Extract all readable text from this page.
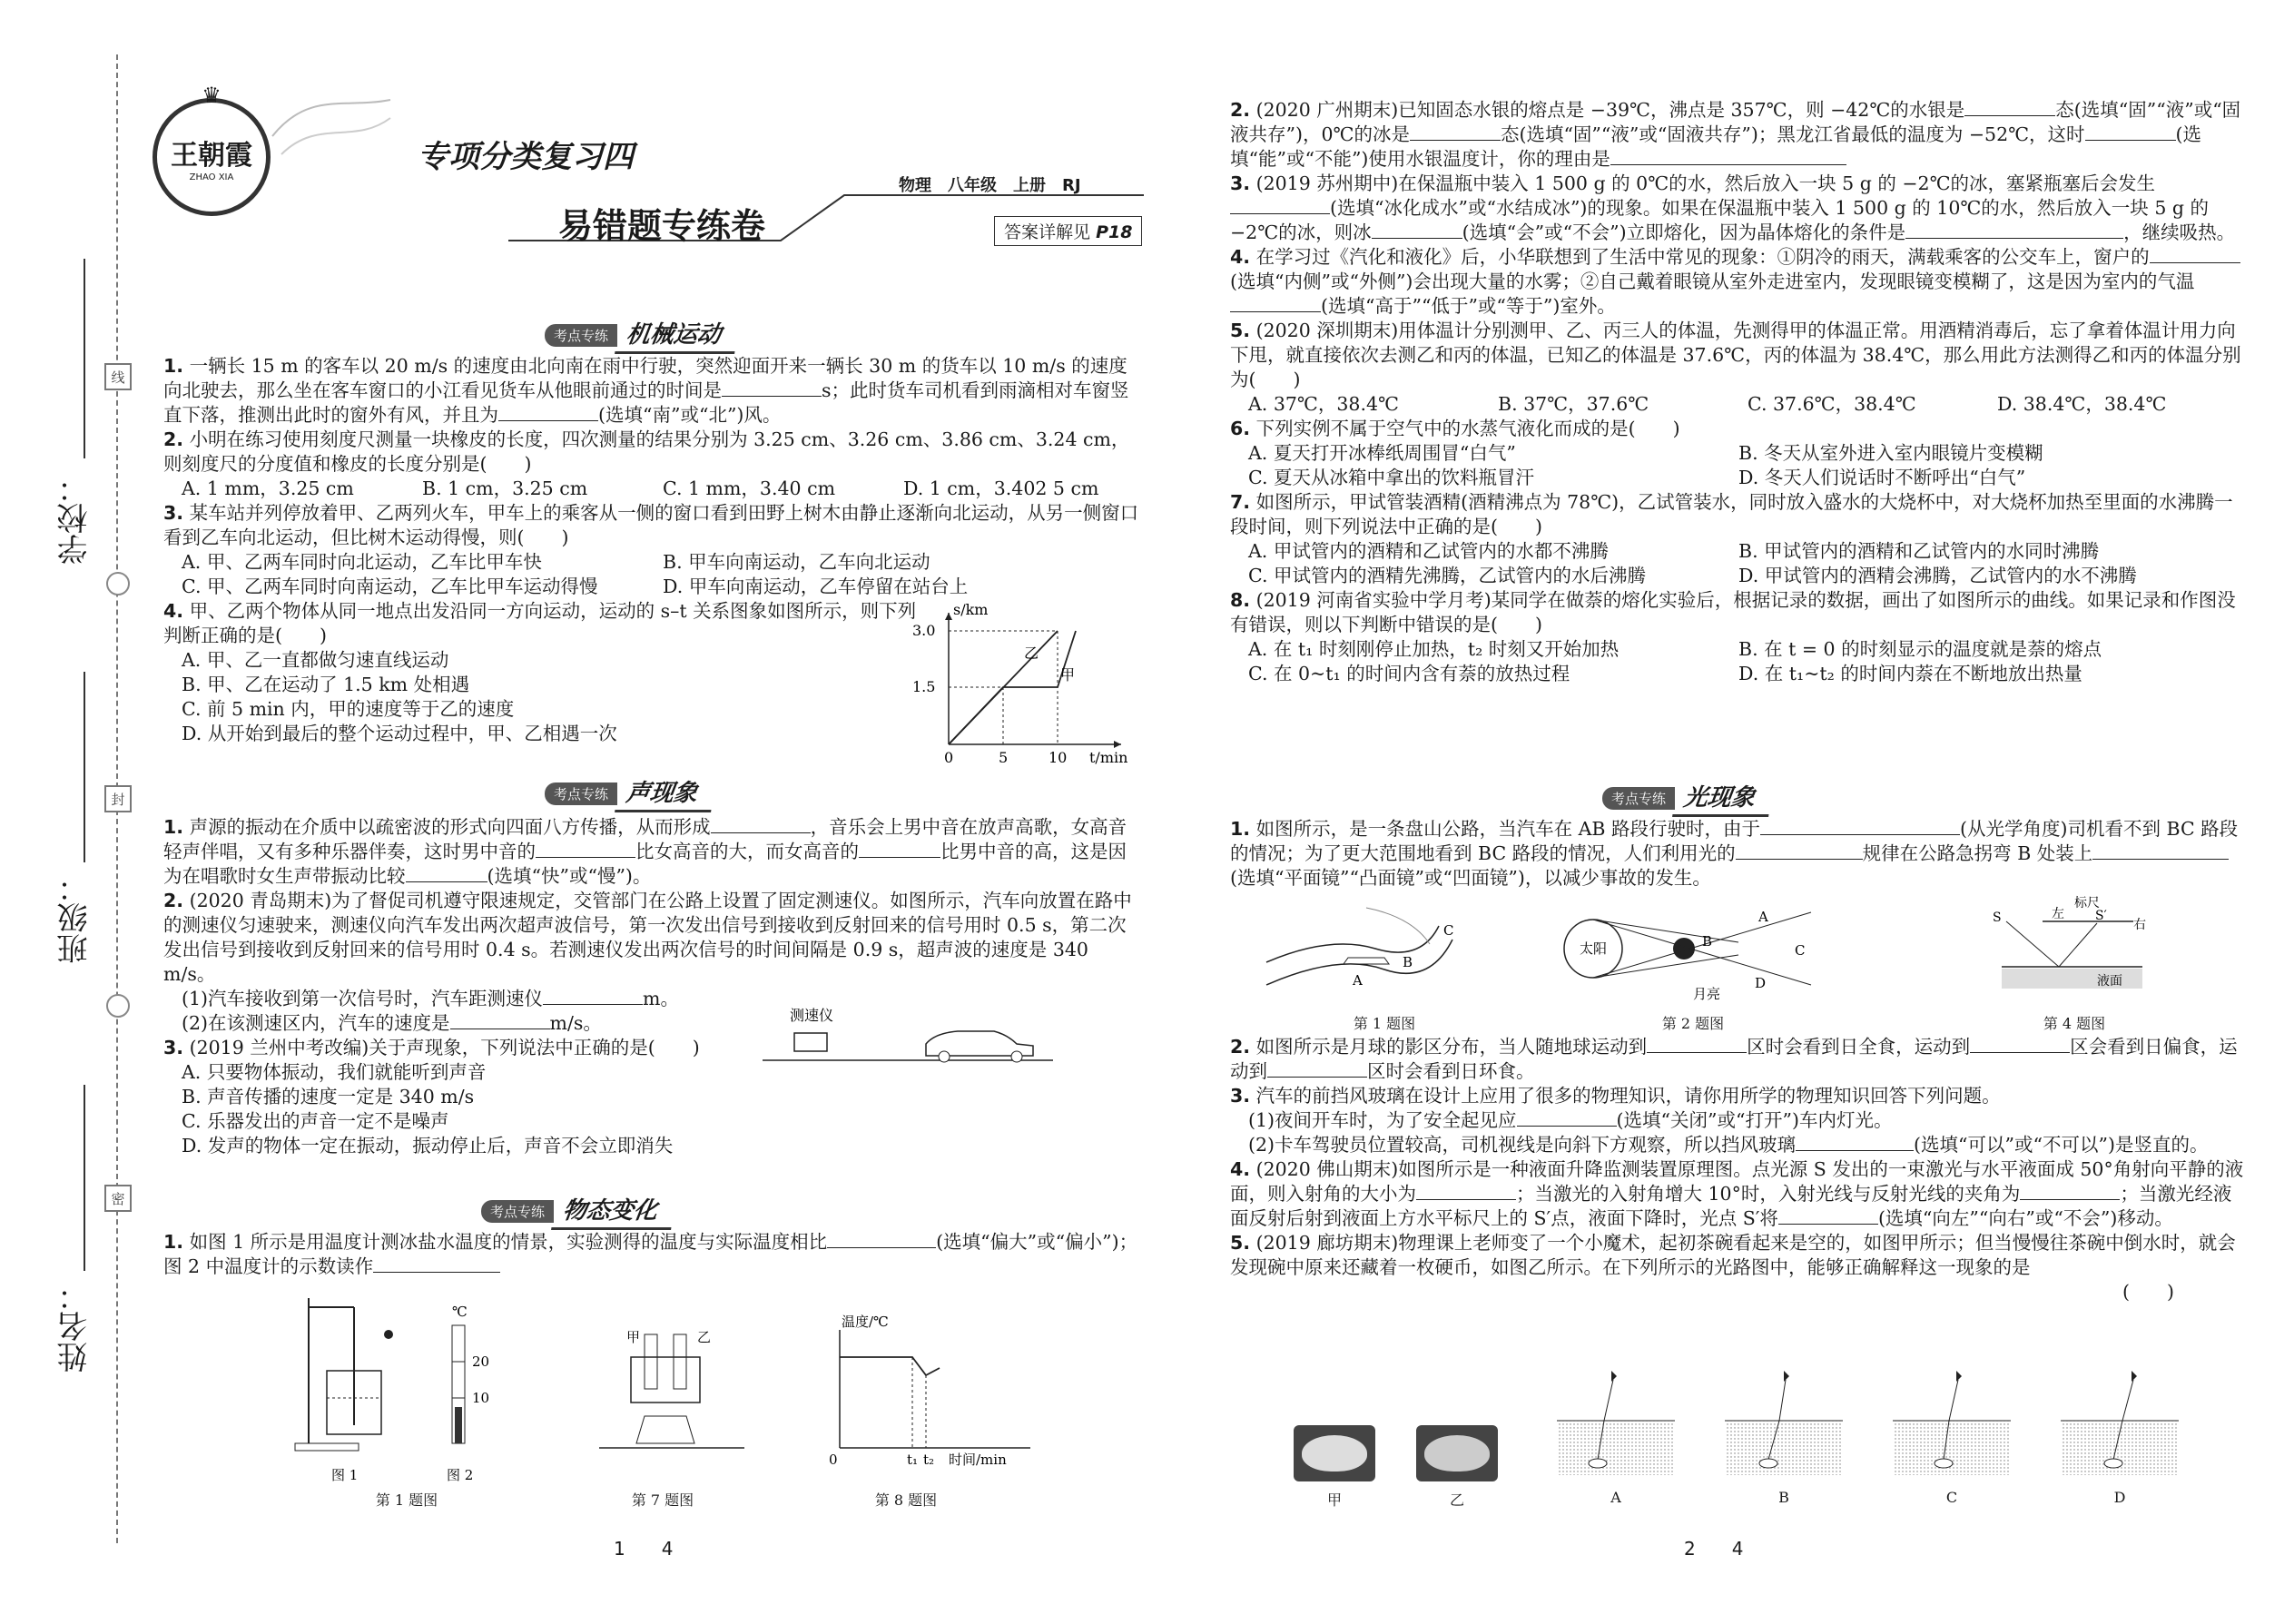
线
封
密
学校：
班级：
姓名：
♛
王朝霞
ZHAO XIA
专项分类复习四
物理　八年级　上册　RJ
易错题专练卷	答案详解见 P18
考点专练 机械运动

1. 一辆长 15 m 的客车以 20 m/s 的速度由北向南在雨中行驶，突然迎面开来一辆长 30 m 的货车以 10 m/s 的速度向北驶去，那么坐在客车窗口的小江看见货车从他眼前通过的时间是	s；此时货车司机看到雨滴相对车窗竖直下落，推测出此时的窗外有风，并且为	(选填“南”或“北”)风。

2. 小明在练习使用刻度尺测量一块橡皮的长度，四次测量的结果分别为 3.25 cm、3.26 cm、3.86 cm、3.24 cm，则刻度尺的分度值和橡皮的长度分别是(　　)

A. 1 mm，3.25 cm	B. 1 cm，3.25 cm	C. 1 mm，3.40 cm	D. 1 cm，3.402 5 cm

3. 某车站并列停放着甲、乙两列火车，甲车上的乘客从一侧的窗口看到田野上树木由静止逐渐向北运动，从另一侧窗口看到乙车向北运动，但比树木运动得慢，则(　　)

A. 甲、乙两车同时向北运动，乙车比甲车快	B. 甲车向南运动，乙车向北运动
C. 甲、乙两车同时向南运动，乙车比甲车运动得慢	D. 甲车向南运动，乙车停留在站台上

4. 甲、乙两个物体从同一地点出发沿同一方向运动，运动的 s–t 关系图象如图所示，则下列判断正确的是(　　)

A. 甲、乙一直都做匀速直线运动
B. 甲、乙在运动了 1.5 km 处相遇
C. 前 5 min 内，甲的速度等于乙的速度
D. 从开始到最后的整个运动过程中，甲、乙相遇一次
s/km
3.0
1.5
0	5	10 t/min
乙
甲
考点专练 声现象

1. 声源的振动在介质中以疏密波的形式向四面八方传播，从而形成	，音乐会上男中音在放声高歌，女高音轻声伴唱，又有多种乐器伴奏，这时男中音的	比女高音的大，而女高音的	比男中音的高，这是因为在唱歌时女生声带振动比较	(选填“快”或“慢”)。

2. (2020 青岛期末)为了督促司机遵守限速规定，交管部门在公路上设置了固定测速仪。如图所示，汽车向放置在路中的测速仪匀速驶来，测速仪向汽车发出两次超声波信号，第一次发出信号到接收到反射回来的信号用时 0.5 s，第二次发出信号到接收到反射回来的信号用时 0.4 s。若测速仪发出两次信号的时间间隔是 0.9 s，超声波的速度是 340 m/s。

(1)汽车接收到第一次信号时，汽车距测速仪	m。

(2)在该测速区内，汽车的速度是	m/s。

3. (2019 兰州中考改编)关于声现象，下列说法中正确的是(　　)

A. 只要物体振动，我们就能听到声音
B. 声音传播的速度一定是 340 m/s
C. 乐器发出的声音一定不是噪声
D. 发声的物体一定在振动，振动停止后，声音不会立即消失
测速仪
考点专练 物态变化

1. 如图 1 所示是用温度计测冰盐水温度的情景，实验测得的温度与实际温度相比	(选填“偏大”或“偏小”)；图 2 中温度计的示数读作

图 1
℃
20
10
图 2
第 1 题图
甲	乙
第 7 题图
温度/℃
0	t₁ t₂ 时间/min
第 8 题图
1　　4

2. (2020 广州期末)已知固态水银的熔点是 −39℃，沸点是 357℃，则 −42℃的水银是	态(选填“固”“液”或“固液共存”)，0℃的冰是	态(选填“固”“液”或“固液共存”)；黑龙江省最低的温度为 −52℃，这时	(选填“能”或“不能”)使用水银温度计，你的理由是

3. (2019 苏州期中)在保温瓶中装入 1 500 g 的 0℃的水，然后放入一块 5 g 的 −2℃的冰，塞紧瓶塞后会发生(选填“冰化成水”或“水结成冰”)的现象。如果在保温瓶中装入 1 500 g 的 10℃的水，然后放入一块 5 g 的 −2℃的冰，则冰	(选填“会”或“不会”)立即熔化，因为晶体熔化的条件是	，继续吸热。

4. 在学习过《汽化和液化》后，小华联想到了生活中常见的现象：①阴冷的雨天，满载乘客的公交车上，窗户的(选填“内侧”或“外侧”)会出现大量的水雾；②自己戴着眼镜从室外走进室内，发现眼镜变模糊了，这是因为室内的气温(选填“高于”“低于”或“等于”)室外。

5. (2020 深圳期末)用体温计分别测甲、乙、丙三人的体温，先测得甲的体温正常。用酒精消毒后，忘了拿着体温计用力向下甩，就直接依次去测乙和丙的体温，已知乙的体温是 37.6℃，丙的体温为 38.4℃，那么用此方法测得乙和丙的体温分别为(　　)

A. 37℃，38.4℃	B. 37℃，37.6℃	C. 37.6℃，38.4℃	D. 38.4℃，38.4℃

6. 下列实例不属于空气中的水蒸气液化而成的是(　　)

A. 夏天打开冰棒纸周围冒“白气”	B. 冬天从室外进入室内眼镜片变模糊
C. 夏天从冰箱中拿出的饮料瓶冒汗	D. 冬天人们说话时不断呼出“白气”

7. 如图所示，甲试管装酒精(酒精沸点为 78℃)，乙试管装水，同时放入盛水的大烧杯中，对大烧杯加热至里面的水沸腾一段时间，则下列说法中正确的是(　　)

A. 甲试管内的酒精和乙试管内的水都不沸腾	B. 甲试管内的酒精和乙试管内的水同时沸腾
C. 甲试管内的酒精先沸腾，乙试管内的水后沸腾	D. 甲试管内的酒精会沸腾，乙试管内的水不沸腾

8. (2019 河南省实验中学月考)某同学在做萘的熔化实验后，根据记录的数据，画出了如图所示的曲线。如果记录和作图没有错误，则以下判断中错误的是(　　)

A. 在 t₁ 时刻刚停止加热，t₂ 时刻又开始加热	B. 在 t = 0 的时刻显示的温度就是萘的熔点
C. 在 0~t₁ 的时间内含有萘的放热过程	D. 在 t₁~t₂ 的时间内萘在不断地放出热量
考点专练 光现象

1. 如图所示，是一条盘山公路，当汽车在 AB 路段行驶时，由于	(从光学角度)司机看不到 BC 路段的情况；为了更大范围地看到 BC 路段的情况，人们利用光的	规律在公路急拐弯 B 处装上(选填“平面镜”“凸面镜”或“凹面镜”)，以减少事故的发生。

A
B
C
第 1 题图
太阳
A
B
C
D
月亮
第 2 题图
标尺
左
右
S	S′
液面
第 4 题图

2. 如图所示是月球的影区分布，当人随地球运动到	区时会看到日全食，运动到	区会看到日偏食，运动到	区时会看到日环食。

3. 汽车的前挡风玻璃在设计上应用了很多的物理知识，请你用所学的物理知识回答下列问题。

(1)夜间开车时，为了安全起见应	(选填“关闭”或“打开”)车内灯光。

(2)卡车驾驶员位置较高，司机视线是向斜下方观察，所以挡风玻璃	(选填“可以”或“不可以”)是竖直的。

4. (2020 佛山期末)如图所示是一种液面升降监测装置原理图。点光源 S 发出的一束激光与水平液面成 50°角射向平静的液面，则入射角的大小为	；当激光的入射角增大 10°时，入射光线与反射光线的夹角为	；当激光经液面反射后射到液面上方水平标尺上的 S′点，液面下降时，光点 S′将	(选填“向左”“向右”或“不会”)移动。

5. (2019 廊坊期末)物理课上老师变了一个小魔术，起初茶碗看起来是空的，如图甲所示；但当慢慢往茶碗中倒水时，就会发现碗中原来还藏着一枚硬币，如图乙所示。在下列所示的光路图中，能够正确解释这一现象的是

(　　)
甲	乙	A	B	C	D
2　　4
